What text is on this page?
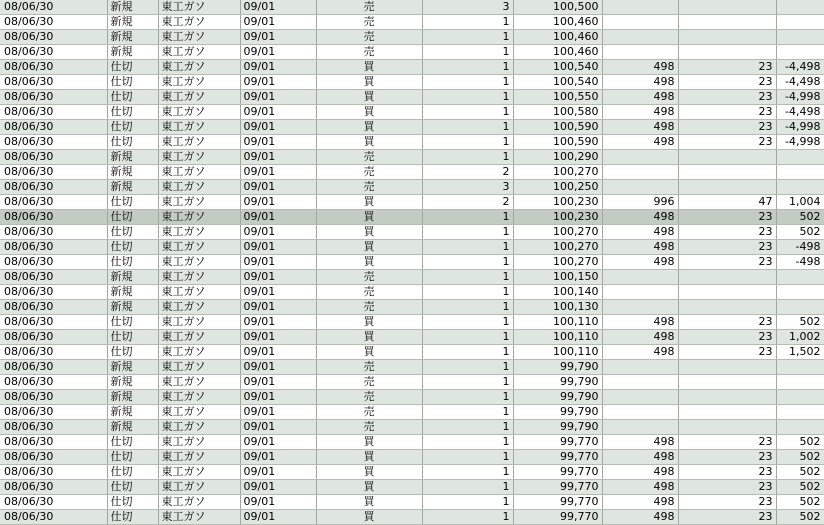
08/06/30	新規	東工ガソ	09/01	売	3	100,500			
08/06/30	新規	東工ガソ	09/01	売	1	100,460			
08/06/30	新規	東工ガソ	09/01	売	1	100,460			
08/06/30	新規	東工ガソ	09/01	売	1	100,460			
08/06/30	仕切	東工ガソ	09/01	買	1	100,540	498	23	-4,498
08/06/30	仕切	東工ガソ	09/01	買	1	100,540	498	23	-4,498
08/06/30	仕切	東工ガソ	09/01	買	1	100,550	498	23	-4,998
08/06/30	仕切	東工ガソ	09/01	買	1	100,580	498	23	-4,498
08/06/30	仕切	東工ガソ	09/01	買	1	100,590	498	23	-4,998
08/06/30	仕切	東工ガソ	09/01	買	1	100,590	498	23	-4,998
08/06/30	新規	東工ガソ	09/01	売	1	100,290			
08/06/30	新規	東工ガソ	09/01	売	2	100,270			
08/06/30	新規	東工ガソ	09/01	売	3	100,250			
08/06/30	仕切	東工ガソ	09/01	買	2	100,230	996	47	1,004
08/06/30	仕切	東工ガソ	09/01	買	1	100,230	498	23	502
08/06/30	仕切	東工ガソ	09/01	買	1	100,270	498	23	502
08/06/30	仕切	東工ガソ	09/01	買	1	100,270	498	23	-498
08/06/30	仕切	東工ガソ	09/01	買	1	100,270	498	23	-498
08/06/30	新規	東工ガソ	09/01	売	1	100,150			
08/06/30	新規	東工ガソ	09/01	売	1	100,140			
08/06/30	新規	東工ガソ	09/01	売	1	100,130			
08/06/30	仕切	東工ガソ	09/01	買	1	100,110	498	23	502
08/06/30	仕切	東工ガソ	09/01	買	1	100,110	498	23	1,002
08/06/30	仕切	東工ガソ	09/01	買	1	100,110	498	23	1,502
08/06/30	新規	東工ガソ	09/01	売	1	99,790			
08/06/30	新規	東工ガソ	09/01	売	1	99,790			
08/06/30	新規	東工ガソ	09/01	売	1	99,790			
08/06/30	新規	東工ガソ	09/01	売	1	99,790			
08/06/30	新規	東工ガソ	09/01	売	1	99,790			
08/06/30	仕切	東工ガソ	09/01	買	1	99,770	498	23	502
08/06/30	仕切	東工ガソ	09/01	買	1	99,770	498	23	502
08/06/30	仕切	東工ガソ	09/01	買	1	99,770	498	23	502
08/06/30	仕切	東工ガソ	09/01	買	1	99,770	498	23	502
08/06/30	仕切	東工ガソ	09/01	買	1	99,770	498	23	502
08/06/30	仕切	東工ガソ	09/01	買	1	99,770	498	23	502
